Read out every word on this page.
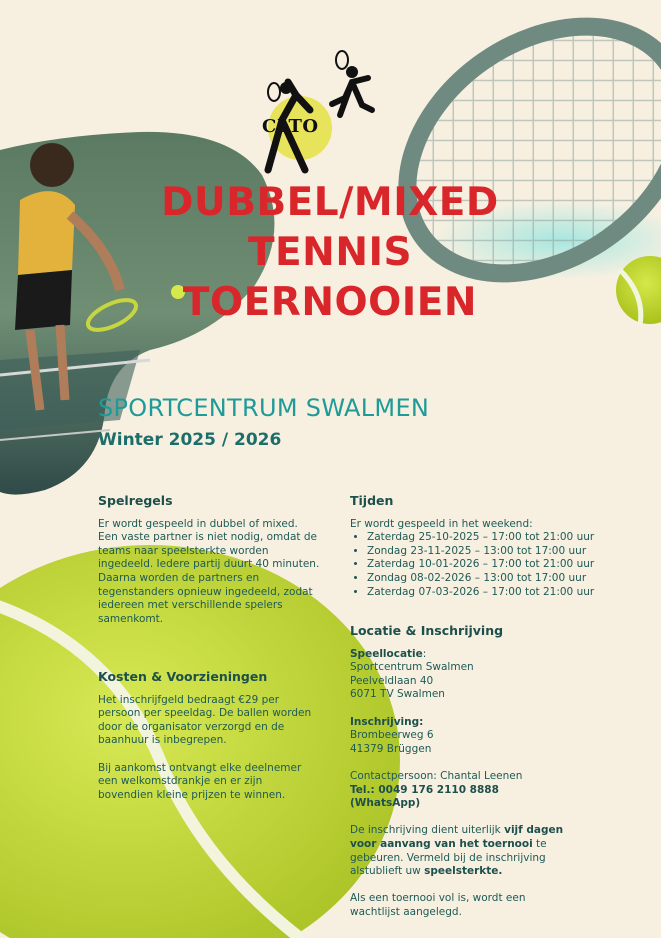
CLTO
DUBBEL/MIXED
TENNIS
TOERNOOIEN
SPORTCENTRUM SWALMEN
Winter 2025 / 2026
Spelregels

Er wordt gespeeld in dubbel of mixed. Een vaste partner is niet nodig, omdat de teams naar speelsterkte worden ingedeeld. Iedere partij duurt 40 minuten. Daarna worden de partners en tegenstanders opnieuw ingedeeld, zodat iedereen met verschillende spelers samenkomt.

Kosten & Voorzieningen

Het inschrijfgeld bedraagt €29 per persoon per speeldag. De ballen worden door de organisator verzorgd en de baanhuur is inbegrepen.

Bij aankomst ontvangt elke deelnemer een welkomstdrankje en er zijn bovendien kleine prijzen te winnen.

Tijden

Er wordt gespeeld in het weekend:

• Zaterdag 25-10-2025 – 17:00 tot 21:00 uur
• Zondag 23-11-2025 – 13:00 tot 17:00 uur
• Zaterdag 10-01-2026 – 17:00 tot 21:00 uur
• Zondag 08-02-2026 – 13:00 tot 17:00 uur
• Zaterdag 07-03-2026 – 17:00 tot 21:00 uur
Locatie & Inschrijving

Speellocatie:

Sportcentrum Swalmen

Peelveldlaan 40

6071 TV Swalmen

Inschrijving:

Brombeerweg 6

41379 Brüggen

Contactpersoon: Chantal Leenen

Tel.: 0049 176 2110 8888 (WhatsApp)

De inschrijving dient uiterlijk vijf dagen voor aanvang van het toernooi te gebeuren. Vermeld bij de inschrijving alstublieft uw speelsterkte.

Als een toernooi vol is, wordt een wachtlijst aangelegd.
